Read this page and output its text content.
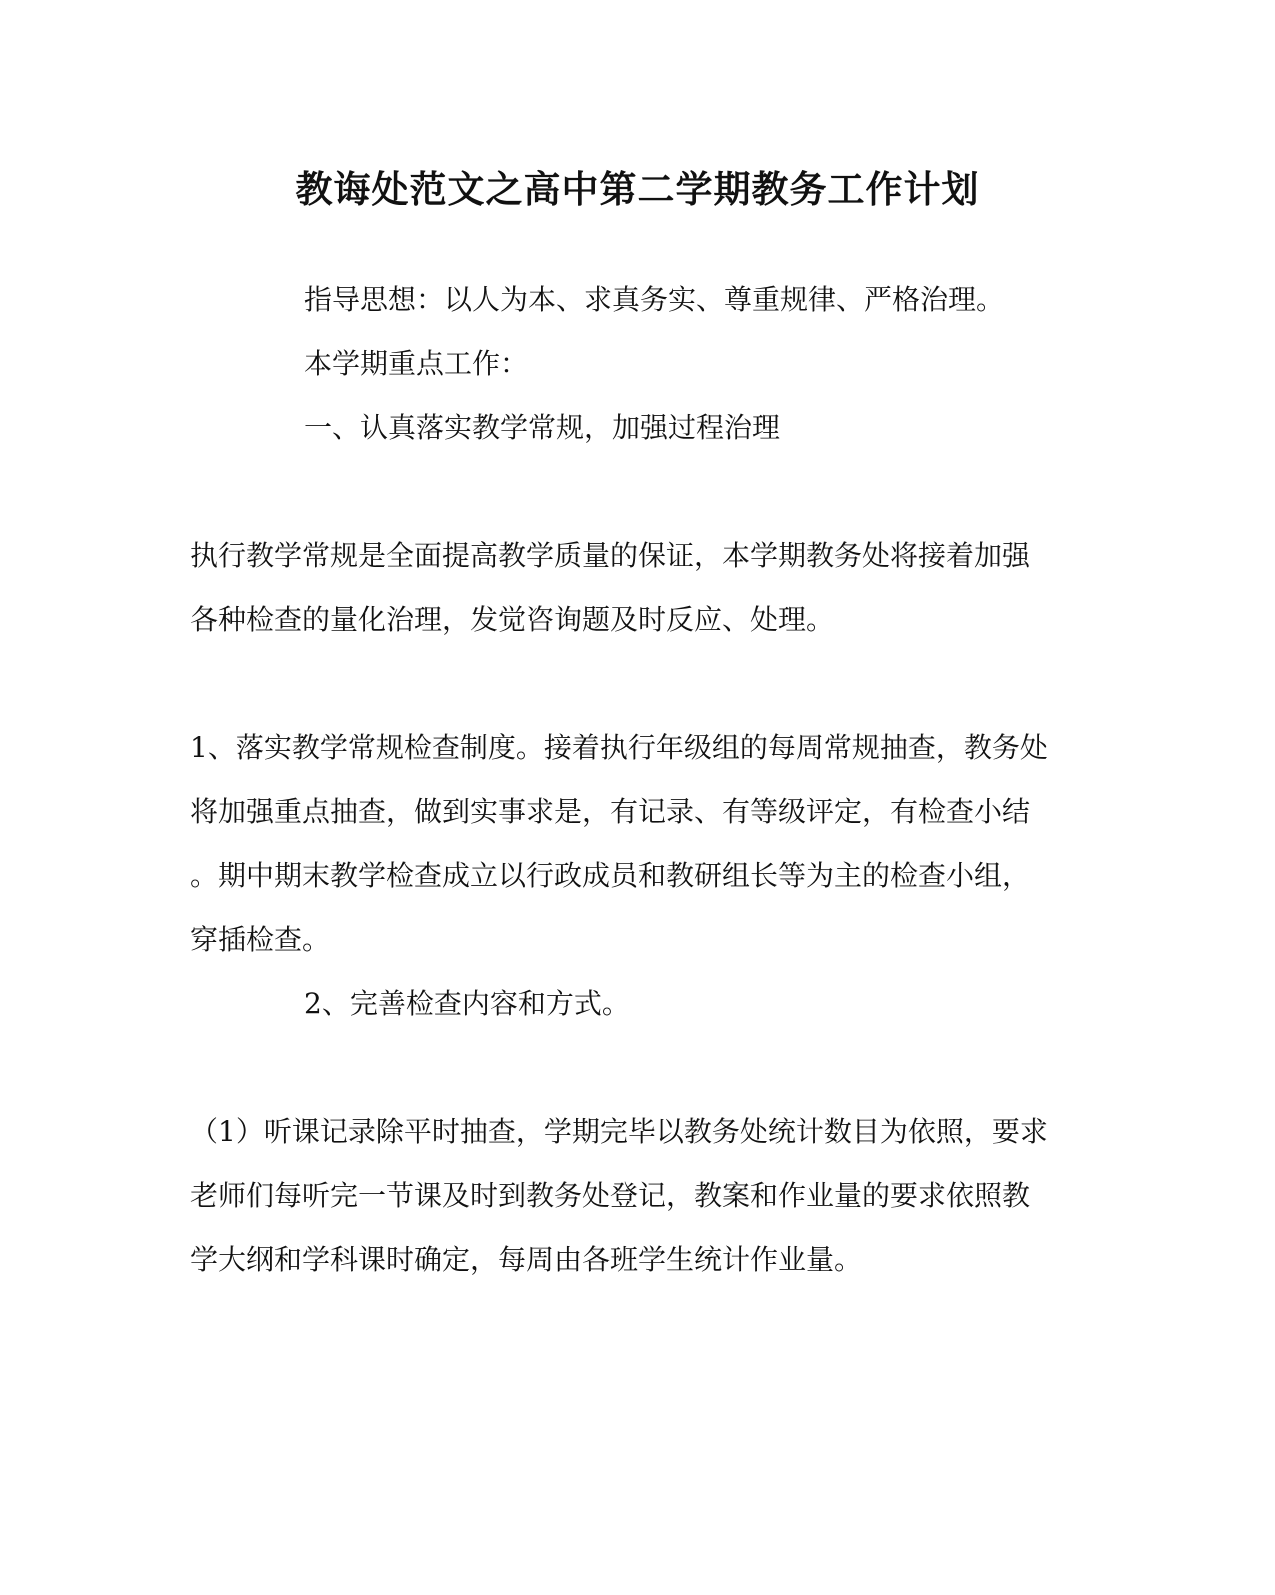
教诲处范文之高中第二学期教务工作计划
指导思想：以人为本、求真务实、尊重规律、严格治理。
本学期重点工作：
一、认真落实教学常规，加强过程治理
执行教学常规是全面提高教学质量的保证，本学期教务处将接着加强
各种检查的量化治理，发觉咨询题及时反应、处理。
1、落实教学常规检查制度。接着执行年级组的每周常规抽查，教务处
将加强重点抽查，做到实事求是，有记录、有等级评定，有检查小结
。期中期末教学检查成立以行政成员和教研组长等为主的检查小组，
穿插检查。
2、完善检查内容和方式。
（1）听课记录除平时抽查，学期完毕以教务处统计数目为依照，要求
老师们每听完一节课及时到教务处登记，教案和作业量的要求依照教
学大纲和学科课时确定，每周由各班学生统计作业量。
